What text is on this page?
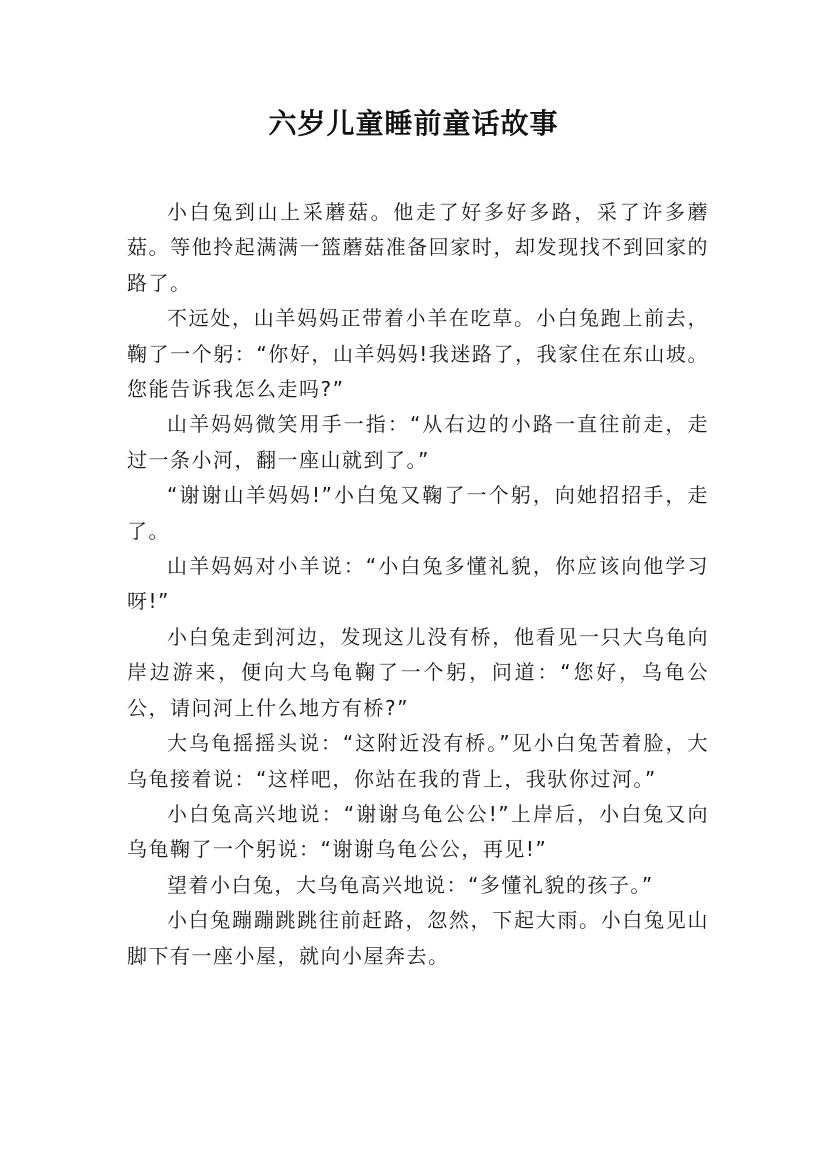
六岁儿童睡前童话故事

小白兔到山上采蘑菇。他走了好多好多路，采了许多蘑菇。等他拎起满满一篮蘑菇准备回家时，却发现找不到回家的路了。

不远处，山羊妈妈正带着小羊在吃草。小白兔跑上前去，鞠了一个躬：“你好，山羊妈妈!我迷路了，我家住在东山坡。您能告诉我怎么走吗?”

山羊妈妈微笑用手一指：“从右边的小路一直往前走，走过一条小河，翻一座山就到了。”

“谢谢山羊妈妈!”小白兔又鞠了一个躬，向她招招手，走了。

山羊妈妈对小羊说：“小白兔多懂礼貌，你应该向他学习呀!”

小白兔走到河边，发现这儿没有桥，他看见一只大乌龟向岸边游来，便向大乌龟鞠了一个躬，问道：“您好，乌龟公公，请问河上什么地方有桥?”

大乌龟摇摇头说：“这附近没有桥。”见小白兔苦着脸，大乌龟接着说：“这样吧，你站在我的背上，我驮你过河。”

小白兔高兴地说：“谢谢乌龟公公!”上岸后，小白兔又向乌龟鞠了一个躬说：“谢谢乌龟公公，再见!”

望着小白兔，大乌龟高兴地说：“多懂礼貌的孩子。”

小白兔蹦蹦跳跳往前赶路，忽然，下起大雨。小白兔见山脚下有一座小屋，就向小屋奔去。
